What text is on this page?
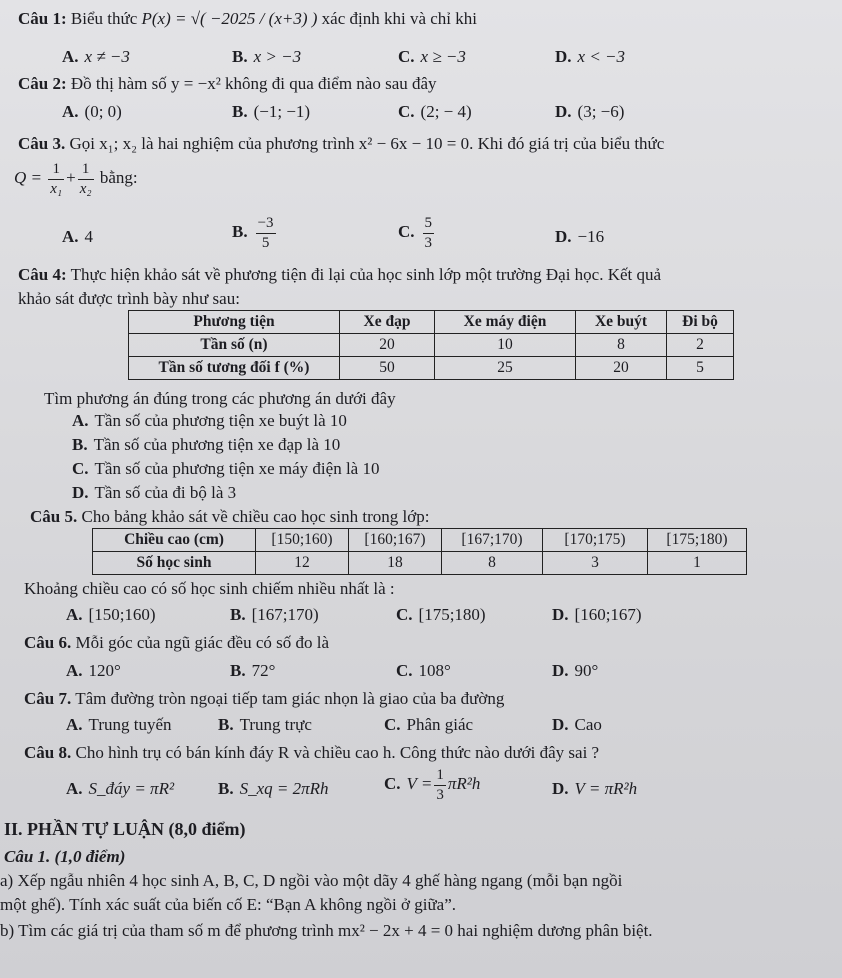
Câu 1: Biểu thức P(x) = √( −2025 / (x+3) ) xác định khi và chỉ khi
A. x ≠ −3	B. x > −3	C. x ≥ −3	D. x < −3
Câu 2: Đồ thị hàm số y = −x² không đi qua điểm nào sau đây
A. (0; 0)	B. (−1; −1)	C. (2; − 4)	D. (3; −6)
Câu 3. Gọi x₁; x₂ là hai nghiệm của phương trình x² − 6x − 10 = 0. Khi đó giá trị của biểu thức
$Q = \frac{1}{\text{x₁}} + \frac{1}{\text{x₂}}$ bằng:
A. 4	B. $\frac{-3}{5}$	C. $\frac{5}{3}$	D. −16
Câu 4: Thực hiện khảo sát về phương tiện đi lại của học sinh lớp một trường Đại học. Kết quả
khảo sát được trình bày như sau:
Phương tiện	Xe đạp	Xe máy điện	Xe buýt	Đi bộ
Tần số (n)	20	10	8	2
Tần số tương đối f (%)	50	25	20	5
Tìm phương án đúng trong các phương án dưới đây
A. Tần số của phương tiện xe buýt là 10
B. Tần số của phương tiện xe đạp là 10
C. Tần số của phương tiện xe máy điện là 10
D. Tần số của đi bộ là 3
Câu 5. Cho bảng khảo sát về chiều cao học sinh trong lớp:
Chiều cao (cm)	[150;160)	[160;167)	[167;170)	[170;175)	[175;180)
Số học sinh	12	18	8	3	1
Khoảng chiều cao có số học sinh chiếm nhiều nhất là :
A. [150;160)	B. [167;170)	C. [175;180)	D. [160;167)
Câu 6. Mỗi góc của ngũ giác đều có số đo là
A. 120°	B. 72°	C. 108°	D. 90°
Câu 7. Tâm đường tròn ngoại tiếp tam giác nhọn là giao của ba đường
A. Trung tuyến	B. Trung trực	C. Phân giác	D. Cao
Câu 8. Cho hình trụ có bán kính đáy R và chiều cao h. Công thức nào dưới đây sai ?
A. S_đáy = πR²	B. S_xq = 2πRh	C. $V = \frac{1}{3} \pi R^2h$	D. V = πR²h
II. PHẦN TỰ LUẬN (8,0 điểm)
Câu 1. (1,0 điểm)
a) Xếp ngẫu nhiên 4 học sinh A, B, C, D ngồi vào một dãy 4 ghế hàng ngang (mỗi bạn ngồi
một ghế). Tính xác suất của biến cố E: “Bạn A không ngồi ở giữa”.
b) Tìm các giá trị của tham số m để phương trình mx² − 2x + 4 = 0 hai nghiệm dương phân biệt.
